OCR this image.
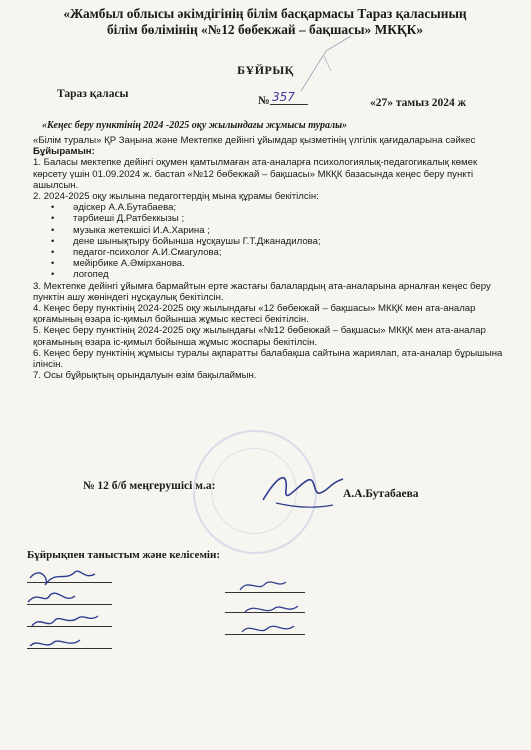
«Жамбыл облысы әкімдігінің білім басқармасы Тараз қаласының
білім бөлімінің «№12 бөбекжай – бақшасы» МКҚК»
БҰЙРЫҚ
Тараз қаласы
№ 357	«27» тамыз 2024 ж
«Кеңес беру пунктінің 2024 -2025 оқу жылындағы жұмысы туралы»

«Білім туралы» ҚР Заңына және Мектепке дейінгі ұйымдар қызметінің үлгілік қағидаларына сәйкес

Бұйырамын:

1. Баласы мектепке дейінгі оқумен қамтылмаған ата-аналарға психологиялық-педагогикалық көмек көрсету үшін 01.09.2024 ж. бастап «№12 бөбекжай – бақшасы» МКҚК базасында кеңес беру пункті ашылсын.

2. 2024-2025 оқу жылына педагогтердің мына құрамы бекітілсін:

• әдіскер А.А.Бутабаева;
• тәрбиеші Д.Ратбеккызы ;
• музыка жетекшісі И.А.Харина ;
• дене шынықтыру бойынша нұсқаушы Г.Т.Джанадилова;
• педагог-психолог А.И.Смагулова;
• мейірбике А.Әмірханова.
• логопед

3. Мектепке дейінгі ұйымға бармайтын ерте жастағы балалардың ата-аналарына арналған кеңес беру пунктін ашу жөніндегі нұсқаулық бекітілсін.

4. Кеңес беру пунктінің 2024-2025 оқу жылындағы «12 бөбекжай – бақшасы» МКҚК мен ата-аналар қоғамының өзара іс-қимыл бойынша жұмыс кестесі бекітілсін.

5. Кеңес беру пунктінің 2024-2025 оқу жылындағы «№12 бөбекжай – бақшасы» МКҚК мен ата-аналар қоғамының өзара іс-қимыл бойынша жұмыс жоспары бекітілсін.

6. Кеңес беру пунктінің жұмысы туралы ақпаратты балабақша сайтына жариялап, ата-аналар бұрышына ілінсін.

7. Осы бұйрықтың орындалуын өзім бақылаймын.

№ 12 б/б меңгерушісі м.а:
А.А.Бутабаева
Бұйрықпен таныстым және келісемін:
